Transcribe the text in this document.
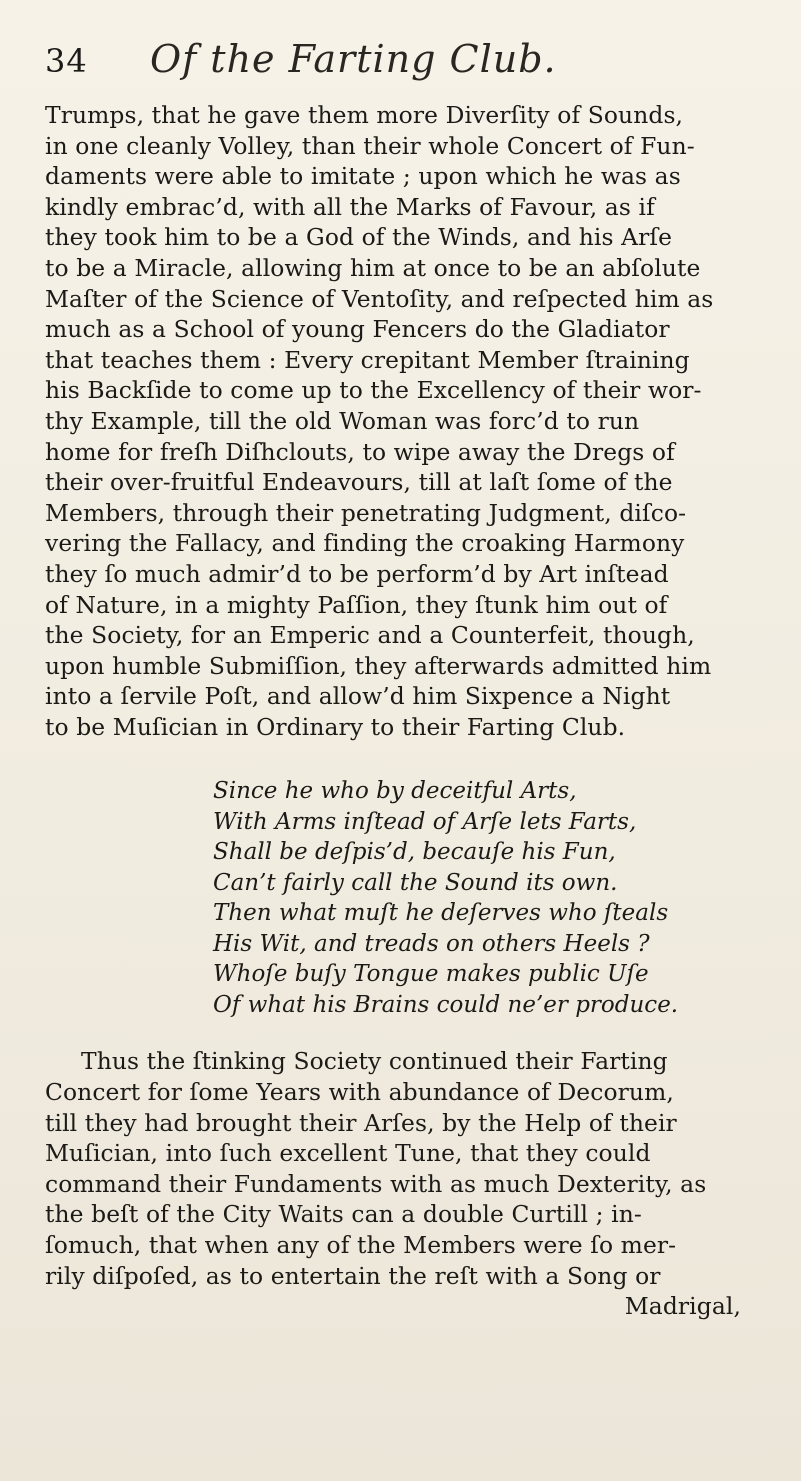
34	Of the Farting Club.

Trumps, that he gave them more Diverſity of Sounds,
in one cleanly Volley, than their whole Concert of Fun-
daments were able to imitate ; upon which he was as
kindly embrac’d, with all the Marks of Favour, as if
they took him to be a God of the Winds, and his Arſe
to be a Miracle, allowing him at once to be an abſolute
Maſter of the Science of Ventoſity, and reſpected him as
much as a School of young Fencers do the Gladiator
that teaches them : Every crepitant Member ſtraining
his Backſide to come up to the Excellency of their wor-
thy Example, till the old Woman was forc’d to run
home for freſh Diſhclouts, to wipe away the Dregs of
their over-fruitful Endeavours, till at laſt ſome of the
Members, through their penetrating Judgment, diſco-
vering the Fallacy, and finding the croaking Harmony
they ſo much admir’d to be perform’d by Art inſtead
of Nature, in a mighty Paſſion, they ſtunk him out of
the Society, for an Emperic and a Counterfeit, though,
upon humble Submiſſion, they afterwards admitted him
into a ſervile Poſt, and allow’d him Sixpence a Night
to be Muſician in Ordinary to their Farting Club.

Since he who by deceitful Arts,
With Arms inſtead of Arſe lets Farts,
Shall be deſpis’d, becauſe his Fun,
Can’t fairly call the Sound its own.
Then what muſt he deſerves who ſteals
His Wit, and treads on others Heels ?
Whoſe buſy Tongue makes public Uſe
Of what his Brains could ne’er produce.

Thus the ſtinking Society continued their Farting
Concert for ſome Years with abundance of Decorum,
till they had brought their Arſes, by the Help of their
Muſician, into ſuch excellent Tune, that they could
command their Fundaments with as much Dexterity, as
the beſt of the City Waits can a double Curtill ; in-
ſomuch, that when any of the Members were ſo mer-
rily diſpoſed, as to entertain the reſt with a Song or
Madrigal,
